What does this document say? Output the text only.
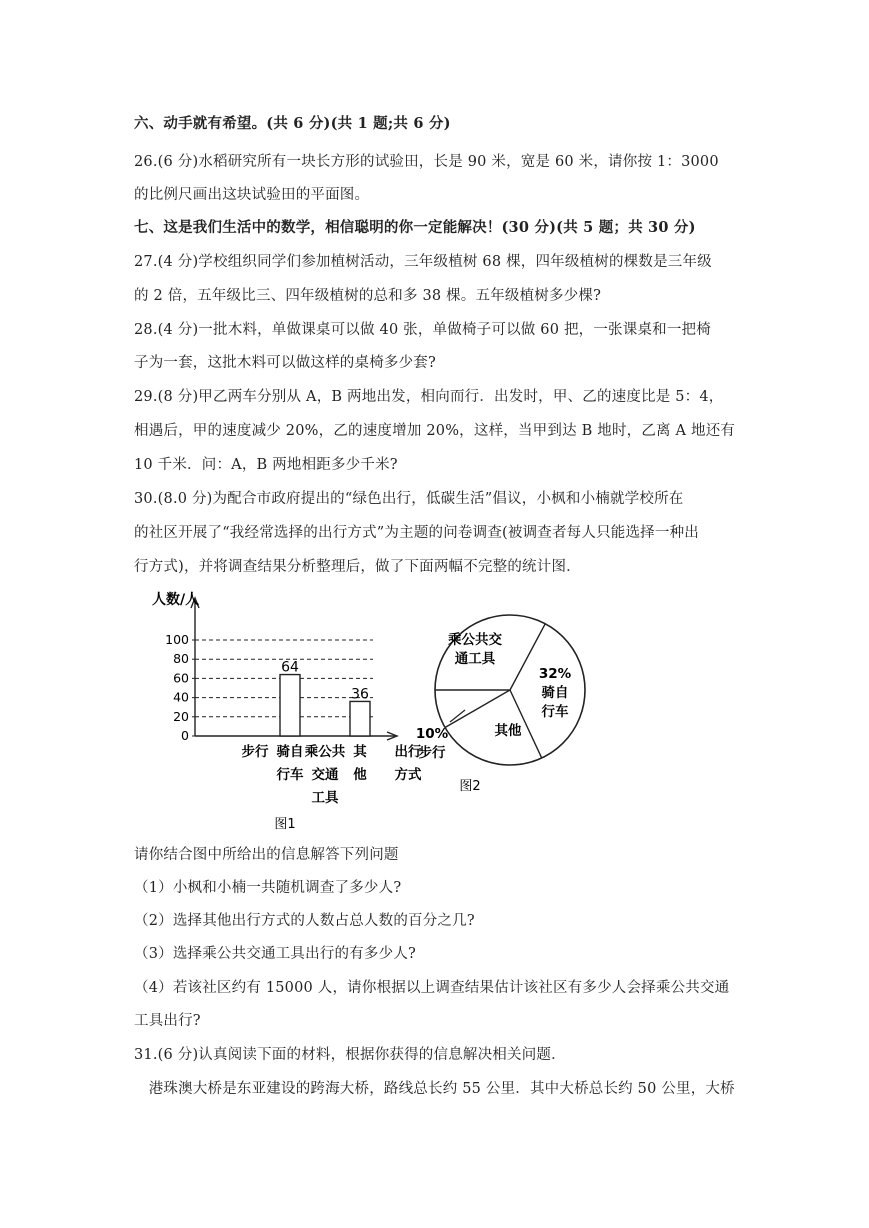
六、动手就有希望。(共 6 分)(共 1 题;共 6 分)
26.(6 分)水稻研究所有一块长方形的试验田，长是 90 米，宽是 60 米，请你按 1：3000
的比例尺画出这块试验田的平面图。
七、这是我们生活中的数学，相信聪明的你一定能解决！(30 分)(共 5 题；共 30 分)
27.(4 分)学校组织同学们参加植树活动，三年级植树 68 棵，四年级植树的棵数是三年级
的 2 倍，五年级比三、四年级植树的总和多 38 棵。五年级植树多少棵?
28.(4 分)一批木料，单做课桌可以做 40 张，单做椅子可以做 60 把，一张课桌和一把椅
子为一套，这批木料可以做这样的桌椅多少套?
29.(8 分)甲乙两车分别从 A，B 两地出发，相向而行．出发时，甲、乙的速度比是 5：4，
相遇后，甲的速度减少 20%，乙的速度增加 20%，这样，当甲到达 B 地时，乙离 A 地还有
10 千米．问：A，B 两地相距多少千米?
30.(8.0 分)为配合市政府提出的“绿色出行，低碳生活”倡议，小枫和小楠就学校所在
的社区开展了“我经常选择的出行方式”为主题的问卷调查(被调查者每人只能选择一种出
行方式)，并将调查结果分析整理后，做了下面两幅不完整的统计图．
人数/人
100
80
60
40
20
0
64
36
步行 骑自
行车
乘公共
交通
工具
其
他
出行
方式
图1
乘公共交
通工具
32%
骑自
行车
其他
10%
步行
图2
请你结合图中所给出的信息解答下列问题
（1）小枫和小楠一共随机调查了多少人?
（2）选择其他出行方式的人数占总人数的百分之几?
（3）选择乘公共交通工具出行的有多少人?
（4）若该社区约有 15000 人，请你根据以上调查结果估计该社区有多少人会择乘公共交通
工具出行?
31.(6 分)认真阅读下面的材料，根据你获得的信息解决相关问题．
　港珠澳大桥是东亚建设的跨海大桥，路线总长约 55 公里．其中大桥总长约 50 公里，大桥
